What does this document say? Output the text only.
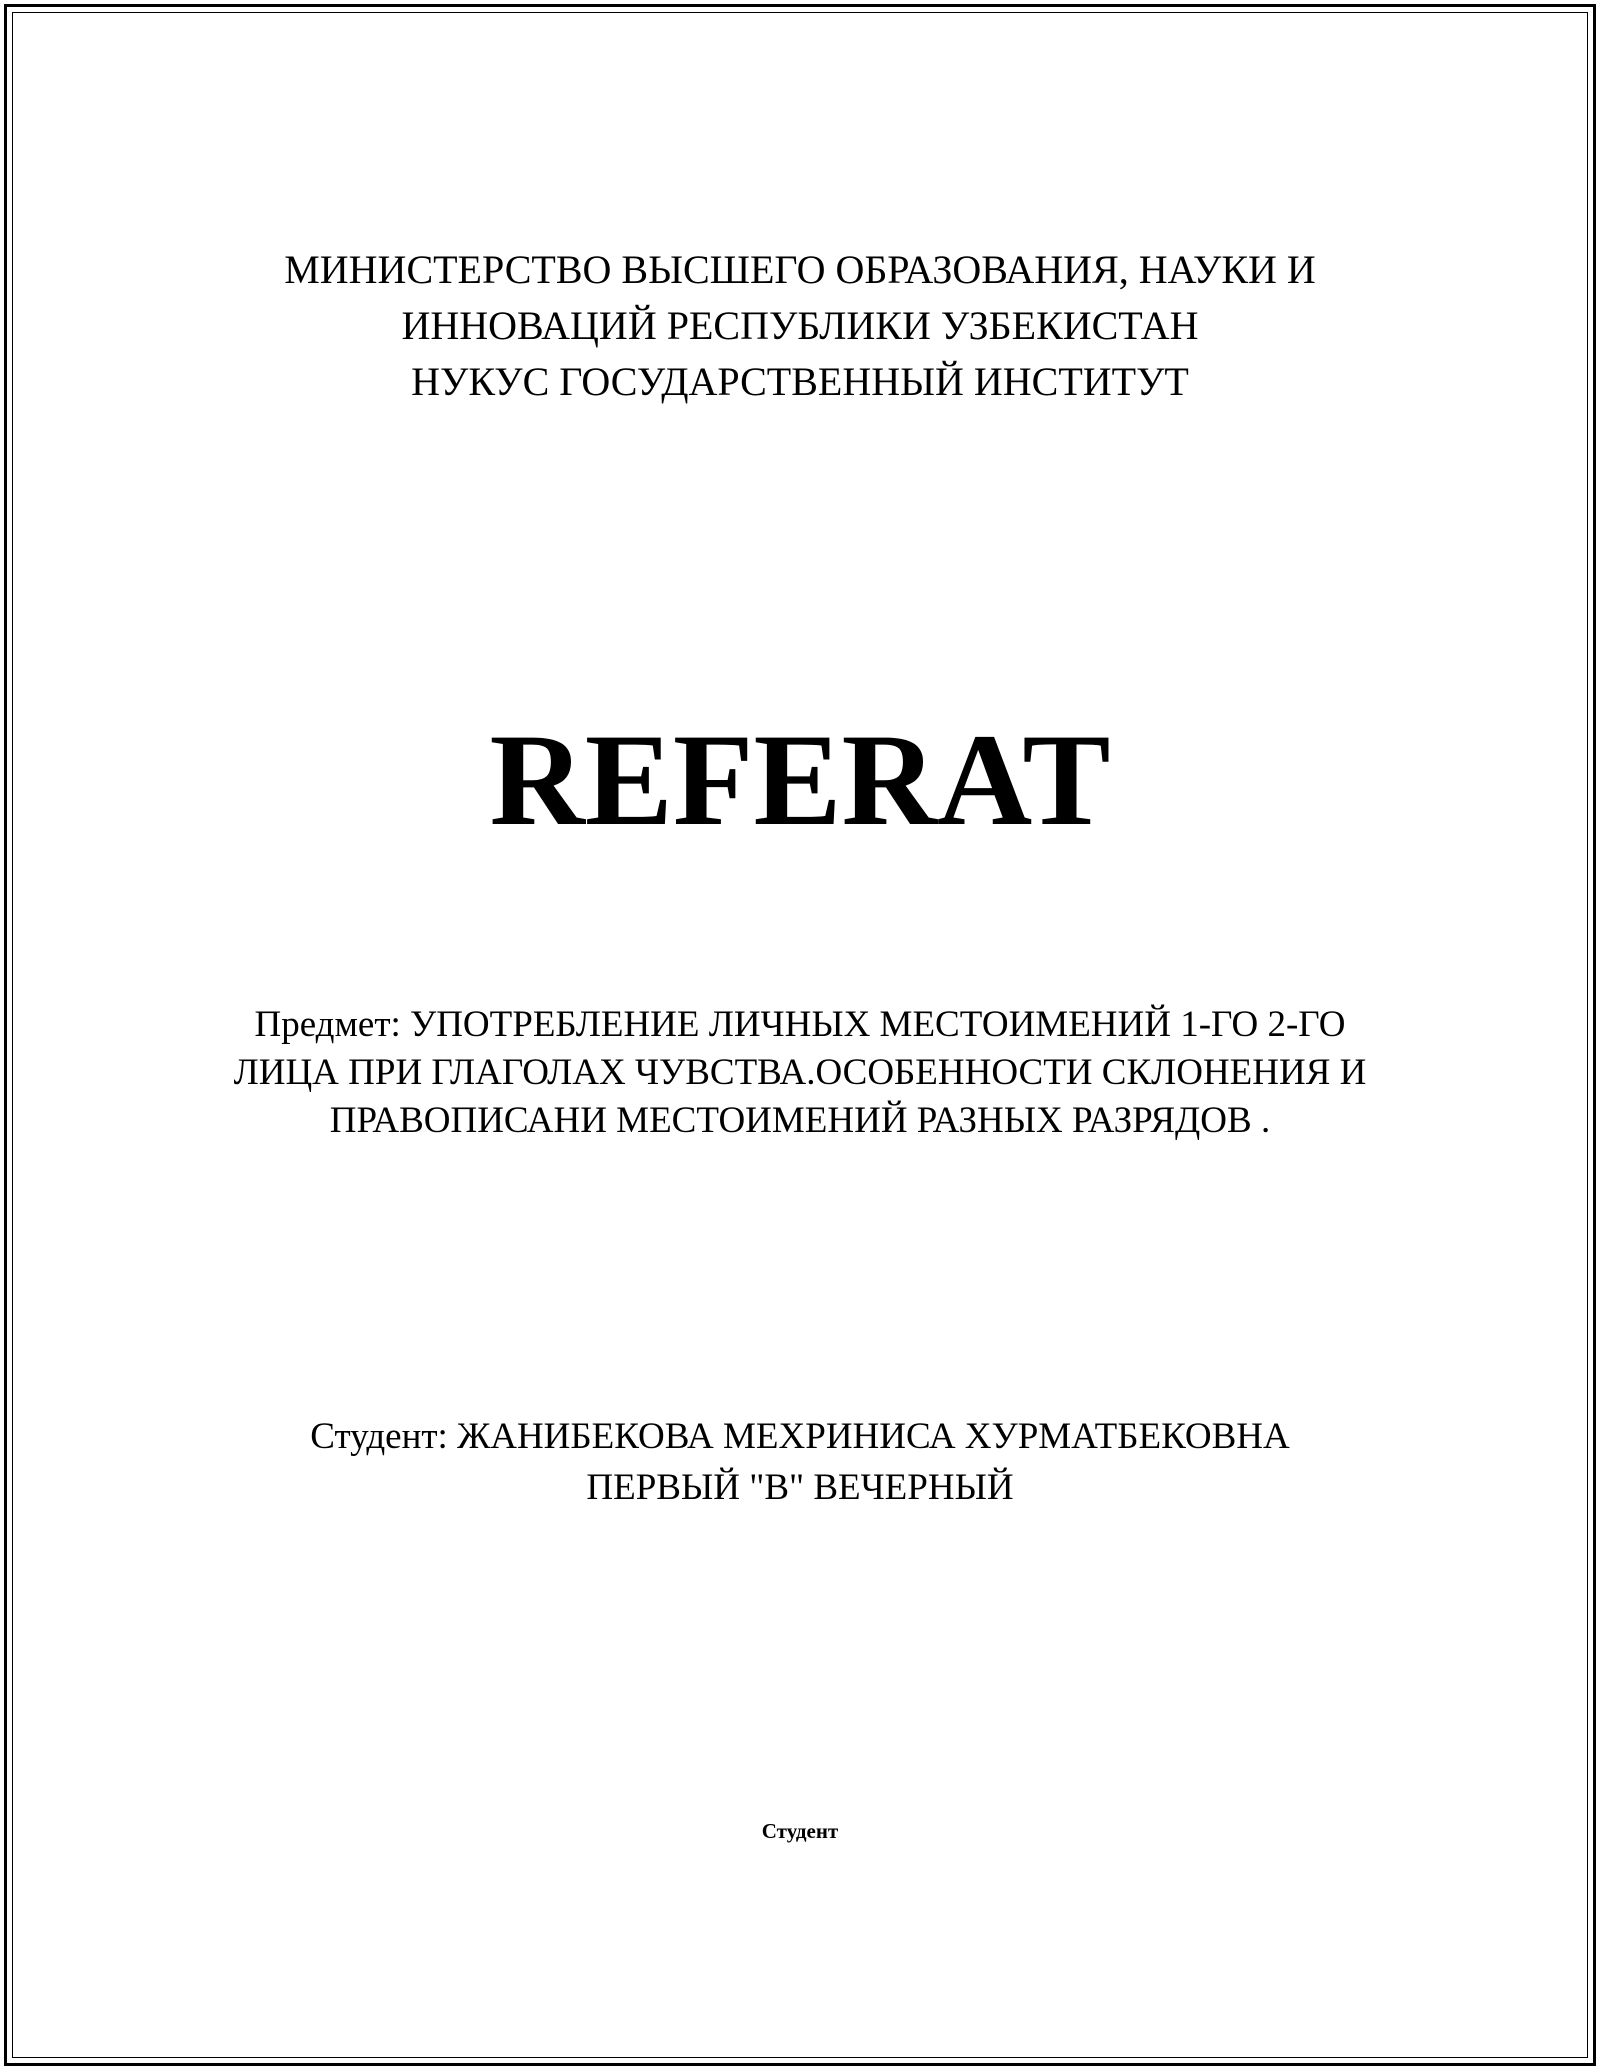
МИНИСТЕРСТВО ВЫСШЕГО ОБРАЗОВАНИЯ, НАУКИ И
ИННОВАЦИЙ РЕСПУБЛИКИ УЗБЕКИСТАН
НУКУС ГОСУДАРСТВЕННЫЙ ИНСТИТУТ
REFERAT
Предмет: УПОТРЕБЛЕНИЕ ЛИЧНЫХ МЕСТОИМЕНИЙ 1-ГО 2-ГО
ЛИЦА ПРИ ГЛАГОЛАХ ЧУВСТВА.ОСОБЕННОСТИ СКЛОНЕНИЯ И
ПРАВОПИСАНИ МЕСТОИМЕНИЙ РАЗНЫХ РАЗРЯДОВ .
Студент: ЖАНИБЕКОВА МЕХРИНИСА ХУРМАТБЕКОВНА
ПЕРВЫЙ "В" ВЕЧЕРНЫЙ
Студент
